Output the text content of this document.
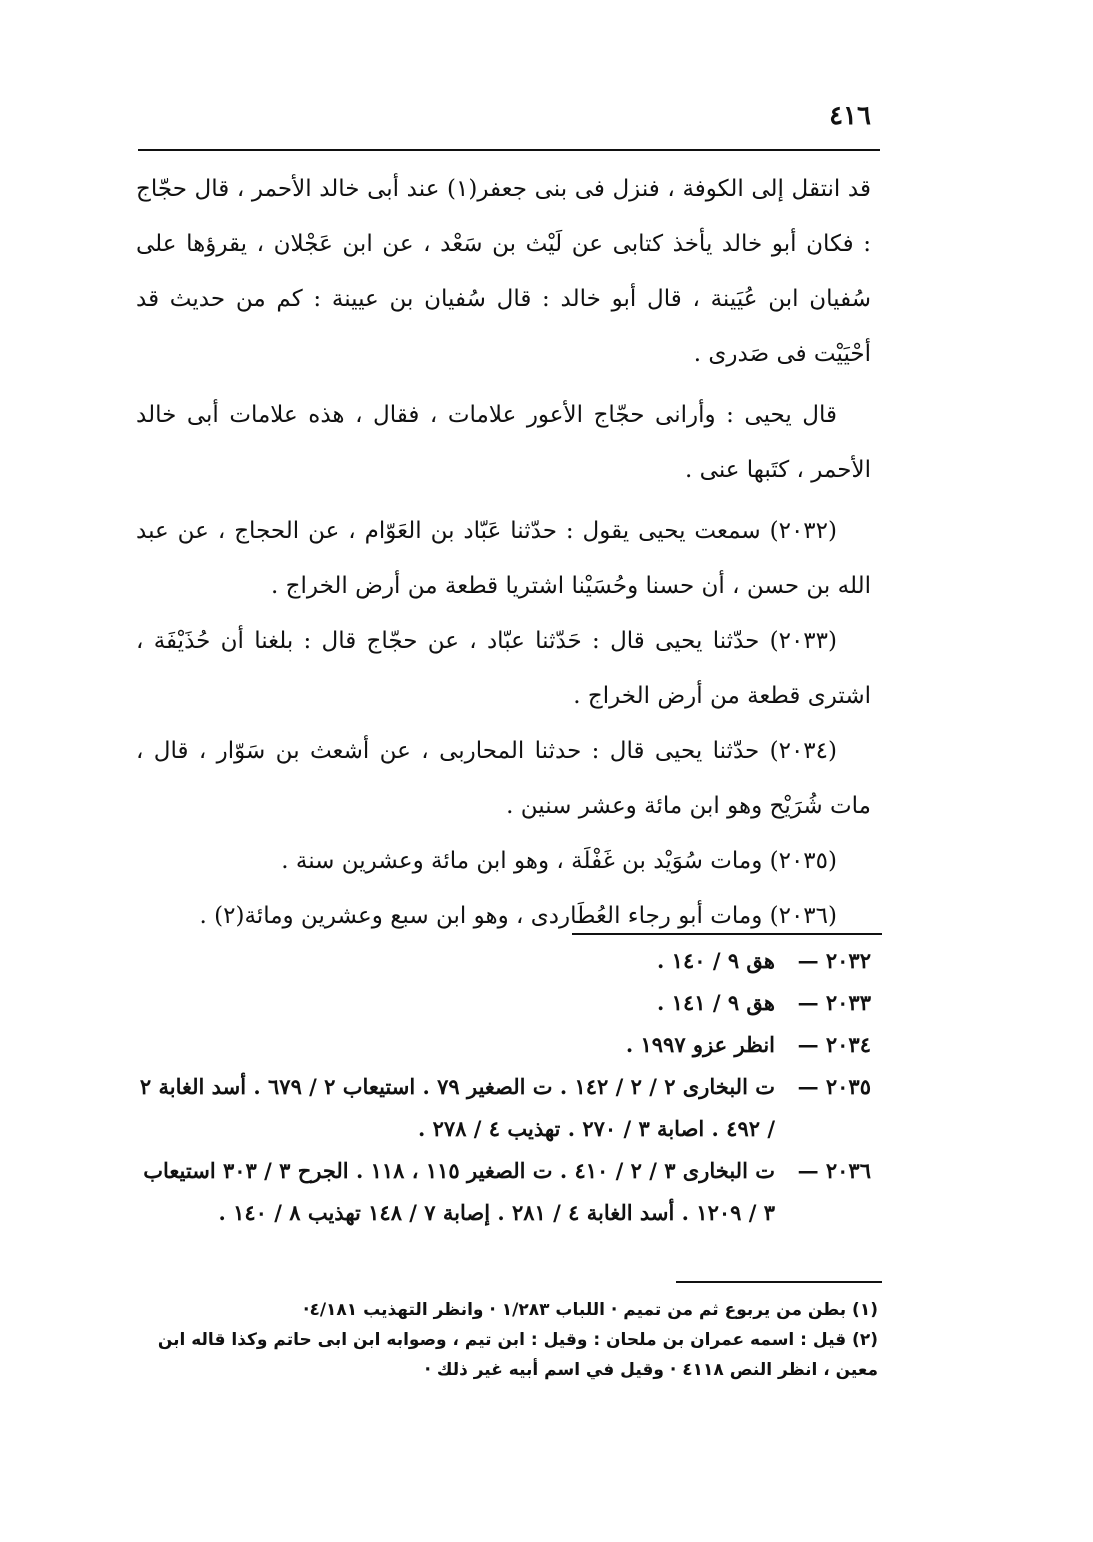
٤١٦

قد انتقل إلى الكوفة ، فنزل فى بنى جعفر(١) عند أبى خالد الأحمر ، قال حجّاج : فكان أبو خالد يأخذ كتابى عن لَيْث بن سَعْد ، عن ابن عَجْلان ، يقرؤها على سُفيان ابن عُيَينة ، قال أبو خالد : قال سُفيان بن عيينة : كم من حديث قد أحْيَيْت فى صَدرى .

قال يحيى : وأرانى حجّاج الأعور علامات ، فقال ، هذه علامات أبى خالد الأحمر ، كتَبها عنى .

(٢٠٣٢) سمعت يحيى يقول : حدّثنا عَبّاد بن العَوّام ، عن الحجاج ، عن عبد الله بن حسن ، أن حسنا وحُسَيْنا اشتريا قطعة من أرض الخراج .

(٢٠٣٣) حدّثنا يحيى قال : حَدّثنا عبّاد ، عن حجّاج قال : بلغنا أن حُذَيْفَة ، اشترى قطعة من أرض الخراج .

(٢٠٣٤) حدّثنا يحيى قال : حدثنا المحاربى ، عن أشعث بن سَوّار ، قال ، مات شُرَيْح وهو ابن مائة وعشر سنين .

(٢٠٣٥) ومات سُوَيْد بن غَفْلَة ، وهو ابن مائة وعشرين سنة .

(٢٠٣٦) ومات أبو رجاء العُطَاردى ، وهو ابن سبع وعشرين ومائة(٢) .

٢٠٣٢ —هق ٩ / ١٤٠ .

٢٠٣٣ —هق ٩ / ١٤١ .

٢٠٣٤ —انظر عزو ١٩٩٧ .

٢٠٣٥ —ت البخارى ٢ / ٢ / ١٤٢ . ت الصغير ٧٩ . استيعاب ٢ / ٦٧٩ . أسد الغابة ٢ / ٤٩٢ . اصابة ٣ / ٢٧٠ . تهذيب ٤ / ٢٧٨ .

٢٠٣٦ —ت البخارى ٣ / ٢ / ٤١٠ . ت الصغير ١١٥ ، ١١٨ . الجرح ٣ / ٣٠٣ استيعاب ٣ / ١٢٠٩ . أسد الغابة ٤ / ٢٨١ . إصابة ٧ / ١٤٨ تهذيب ٨ / ١٤٠ .

(١) بطن من يربوع ثم من تميم · اللباب ١/٢٨٣ · وانظر التهذيب ٤/١٨١·

(٢) قيل : اسمه عمران بن ملحان : وقيل : ابن تيم ، وصوابه ابن ابى حاتم وكذا قاله ابن معين ، انظر النص ٤١١٨ · وقيل في اسم أبيه غير ذلك ·
